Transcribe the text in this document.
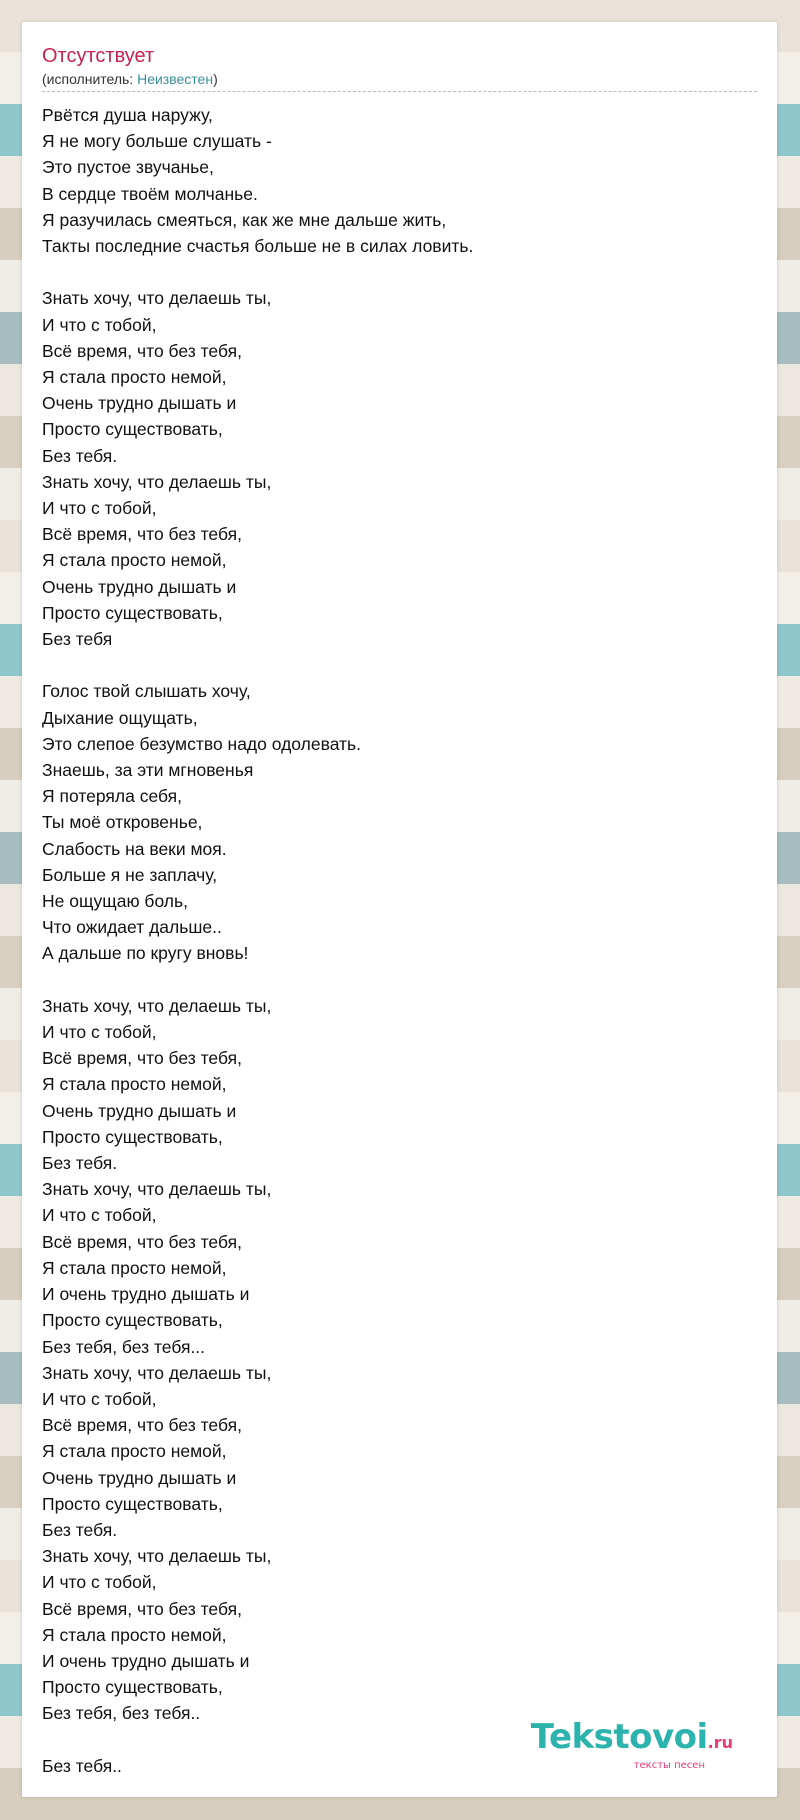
Отсутствует
(исполнитель: Неизвестен)
Рвётся душа наружу,
Я не могу больше слушать -
Это пустое звучанье,
В сердце твоём молчанье.
Я разучилась смеяться, как же мне дальше жить,
Такты последние счастья больше не в силах ловить.
Знать хочу, что делаешь ты,
И что с тобой,
Всё время, что без тебя,
Я стала просто немой,
Очень трудно дышать и
Просто существовать,
Без тебя.
Знать хочу, что делаешь ты,
И что с тобой,
Всё время, что без тебя,
Я стала просто немой,
Очень трудно дышать и
Просто существовать,
Без тебя
Голос твой слышать хочу,
Дыхание ощущать,
Это слепое безумство надо одолевать.
Знаешь, за эти мгновенья
Я потеряла себя,
Ты моё откровенье,
Слабость на веки моя.
Больше я не заплачу,
Не ощущаю боль,
Что ожидает дальше..
А дальше по кругу вновь!
Знать хочу, что делаешь ты,
И что с тобой,
Всё время, что без тебя,
Я стала просто немой,
Очень трудно дышать и
Просто существовать,
Без тебя.
Знать хочу, что делаешь ты,
И что с тобой,
Всё время, что без тебя,
Я стала просто немой,
И очень трудно дышать и
Просто существовать,
Без тебя, без тебя...
Знать хочу, что делаешь ты,
И что с тобой,
Всё время, что без тебя,
Я стала просто немой,
Очень трудно дышать и
Просто существовать,
Без тебя.
Знать хочу, что делаешь ты,
И что с тобой,
Всё время, что без тебя,
Я стала просто немой,
И очень трудно дышать и
Просто существовать,
Без тебя, без тебя..
Без тебя..
Tekstovoi.ru
тексты песен
